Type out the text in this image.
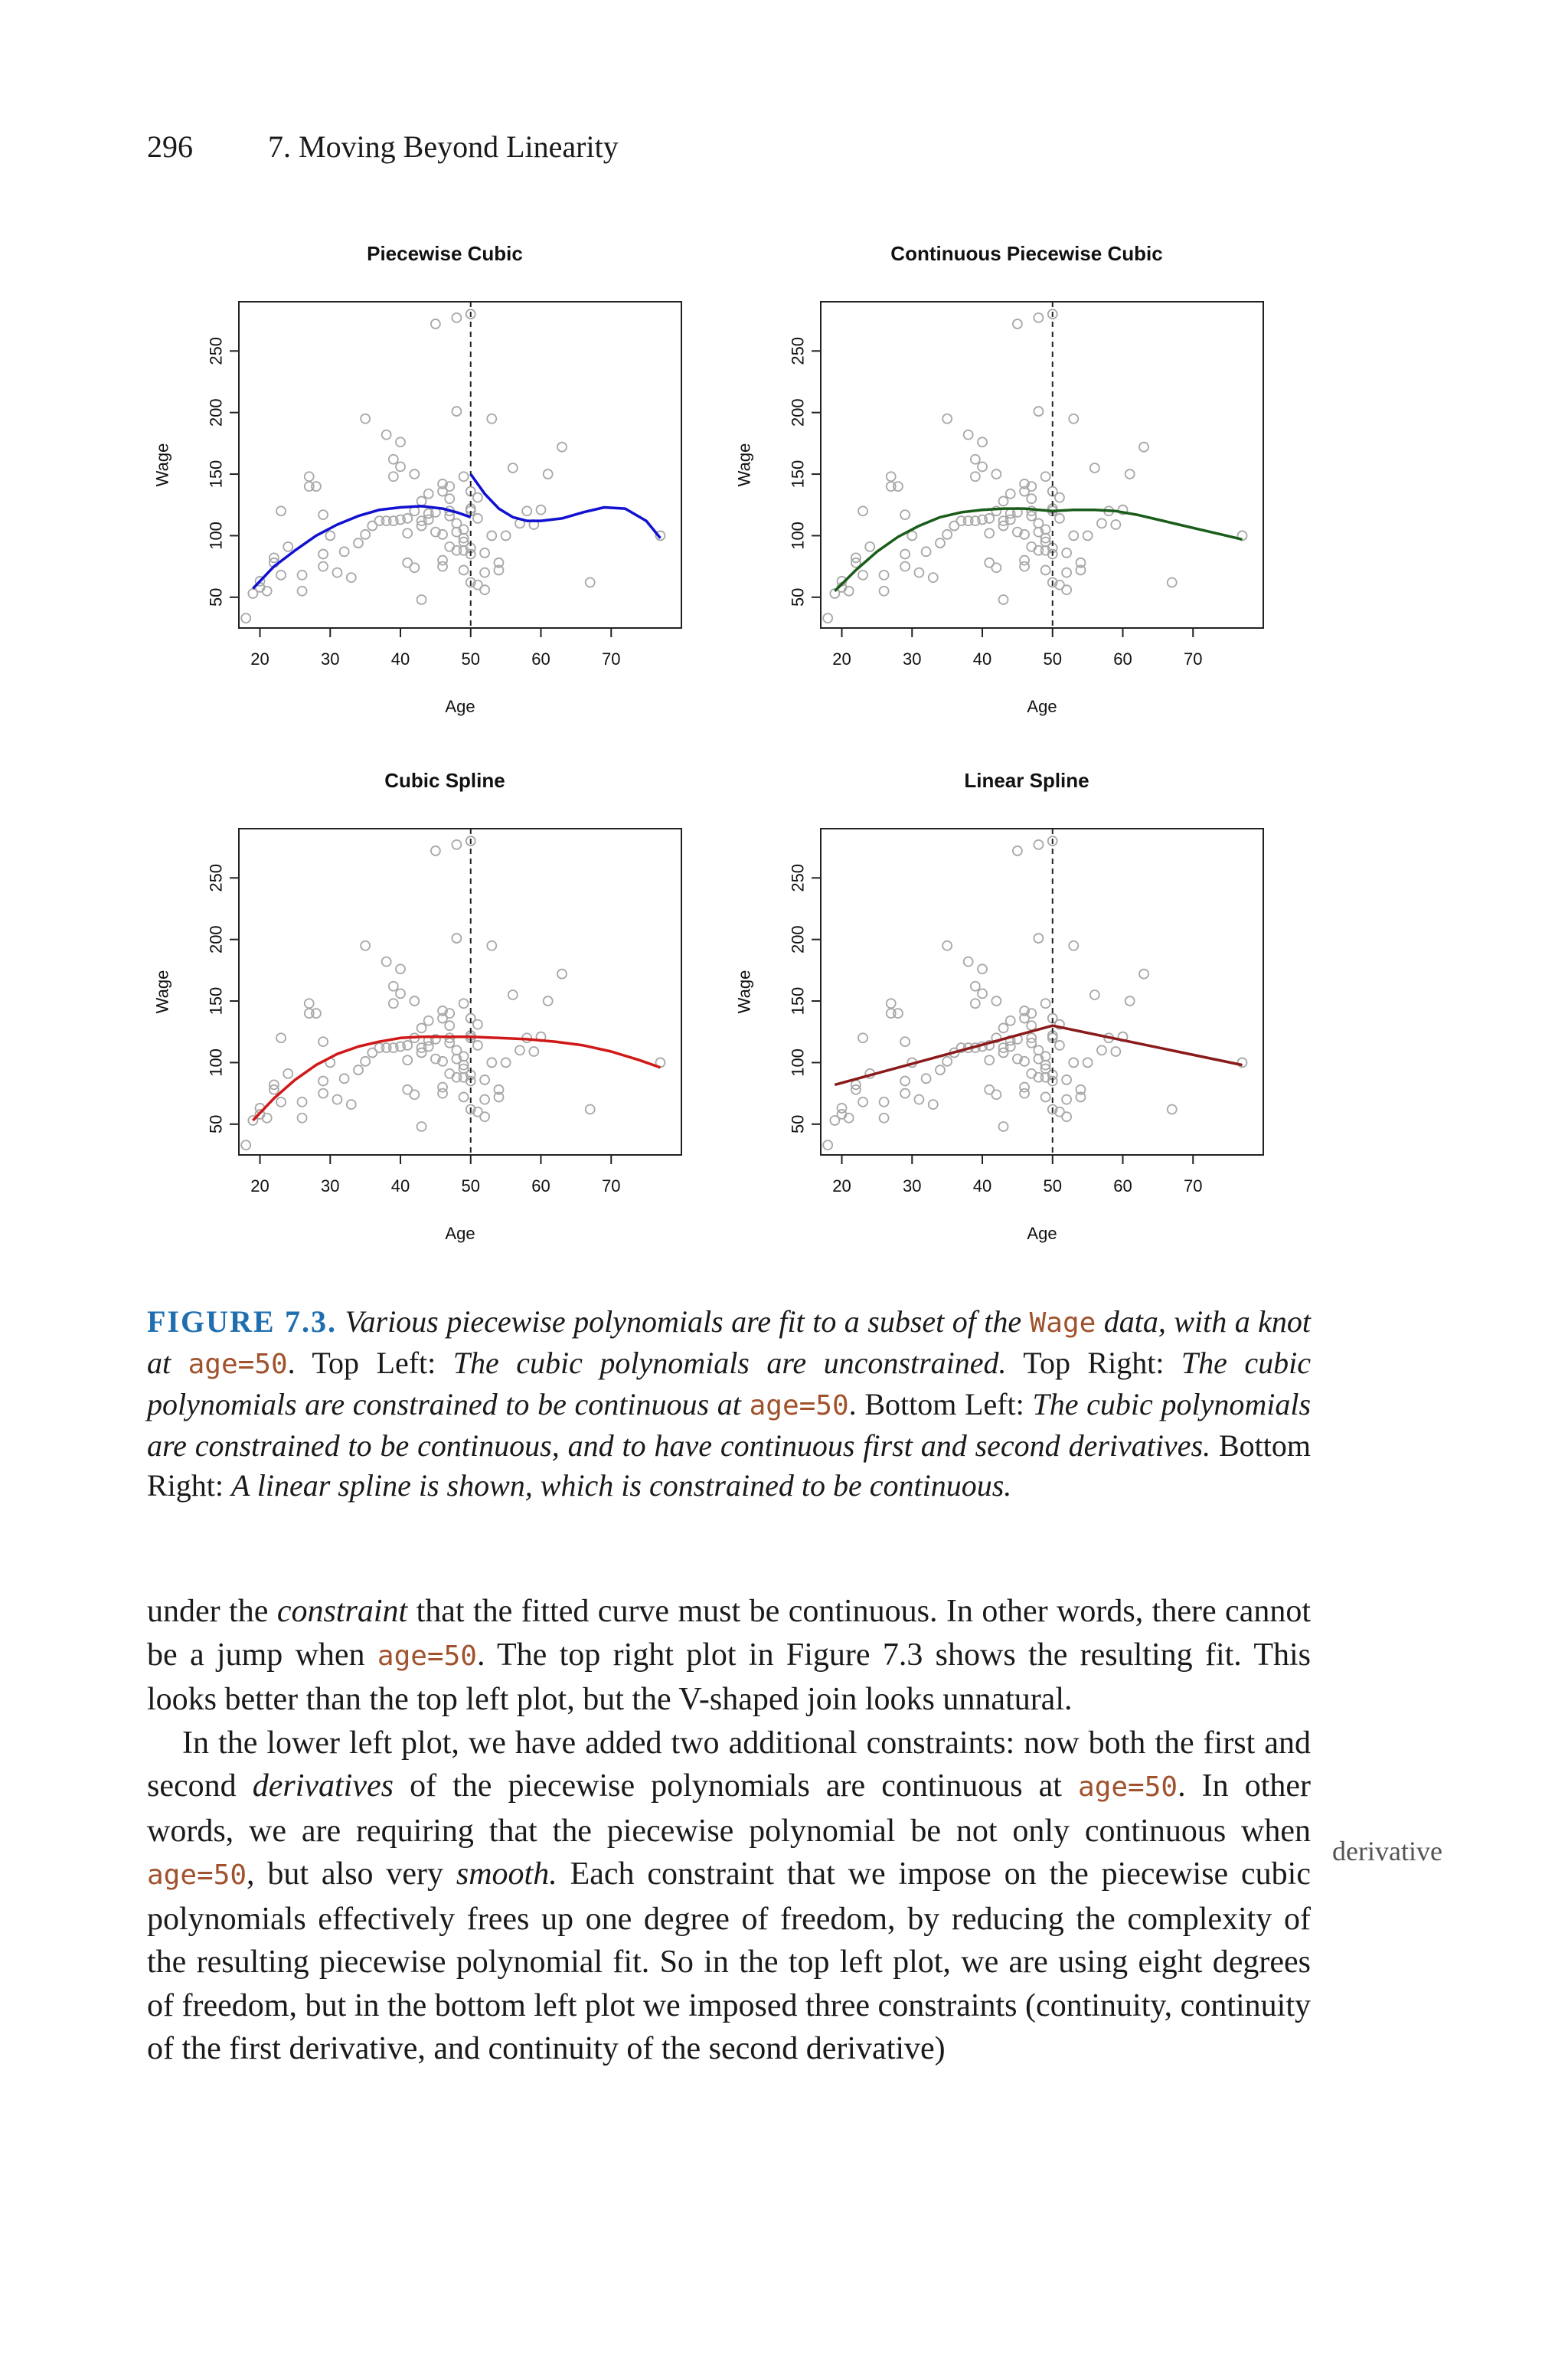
296 7. Moving Beyond Linearity
Piecewise Cubic
20	30	40	50	60	70
50
100
150
200
250
Age
Wage
Continuous Piecewise Cubic
20	30	40	50	60	70
50
100
150
200
250
Age
Wage
Cubic Spline
20	30	40	50	60	70
50
100
150
200
250
Age
Wage
Linear Spline
20	30	40	50	60	70
50
100
150
200
250
Age
Wage
FIGURE 7.3. Various piecewise polynomials are fit to a subset of the Wage data, with a knot at age=50. Top Left: The cubic polynomials are unconstrained. Top Right: The cubic polynomials are constrained to be continuous at age=50. Bottom Left: The cubic polynomials are constrained to be continuous, and to have continuous first and second derivatives. Bottom Right: A linear spline is shown, which is constrained to be continuous.

under the constraint that the fitted curve must be continuous. In other words, there cannot be a jump when age=50. The top right plot in Figure 7.3 shows the resulting fit. This looks better than the top left plot, but the V-shaped join looks unnatural.

In the lower left plot, we have added two additional constraints: now both the first and second derivatives of the piecewise polynomials are continuous at age=50. In other words, we are requiring that the piecewise polynomial be not only continuous when age=50, but also very smooth. Each constraint that we impose on the piecewise cubic polynomials effectively frees up one degree of freedom, by reducing the complexity of the resulting piecewise polynomial fit. So in the top left plot, we are using eight degrees of freedom, but in the bottom left plot we imposed three constraints (continuity, continuity of the first derivative, and continuity of the second derivative)

derivative
